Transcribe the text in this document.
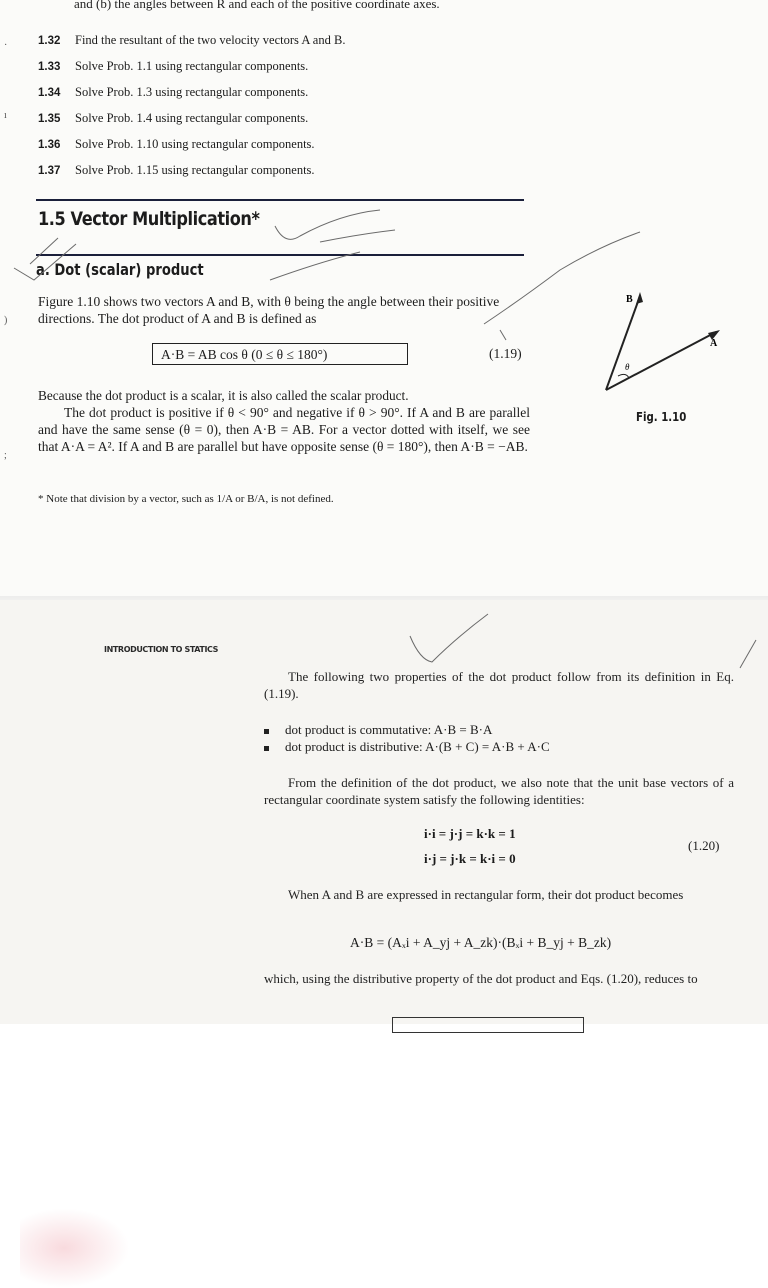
and (b) the angles between R and each of the positive coordinate axes.
1.32 Find the resultant of the two velocity vectors A and B.
1.33 Solve Prob. 1.1 using rectangular components.
1.34 Solve Prob. 1.3 using rectangular components.
1.35 Solve Prob. 1.4 using rectangular components.
1.36 Solve Prob. 1.10 using rectangular components.
1.37 Solve Prob. 1.15 using rectangular components.
1.5 Vector Multiplication*
a. Dot (scalar) product
Figure 1.10 shows two vectors A and B, with θ being the angle between their positive directions. The dot product of A and B is defined as
A·B = AB cos θ (0 ≤ θ ≤ 180°)	(1.19)
Because the dot product is a scalar, it is also called the scalar product.
The dot product is positive if θ < 90° and negative if θ > 90°. If A and B are parallel and have the same sense (θ = 0), then A·B = AB. For a vector dotted with itself, we see that A·A = A². If A and B are parallel but have opposite sense (θ = 180°), then A·B = −AB.
* Note that division by a vector, such as 1/A or B/A, is not defined.
Fig. 1.10
·
ı
)
;
INTRODUCTION TO STATICS
The following two properties of the dot product follow from its definition in Eq. (1.19).
dot product is commutative: A·B = B·A
dot product is distributive: A·(B + C) = A·B + A·C
From the definition of the dot product, we also note that the unit base vectors of a rectangular coordinate system satisfy the following identities:
i·i = j·j = k·k = 1
i·j = j·k = k·i = 0
(1.20)
When A and B are expressed in rectangular form, their dot product becomes
A·B = (Aₓi + A_yj + A_zk)·(Bₓi + B_yj + B_zk)
which, using the distributive property of the dot product and Eqs. (1.20), reduces to
B
A
θ
